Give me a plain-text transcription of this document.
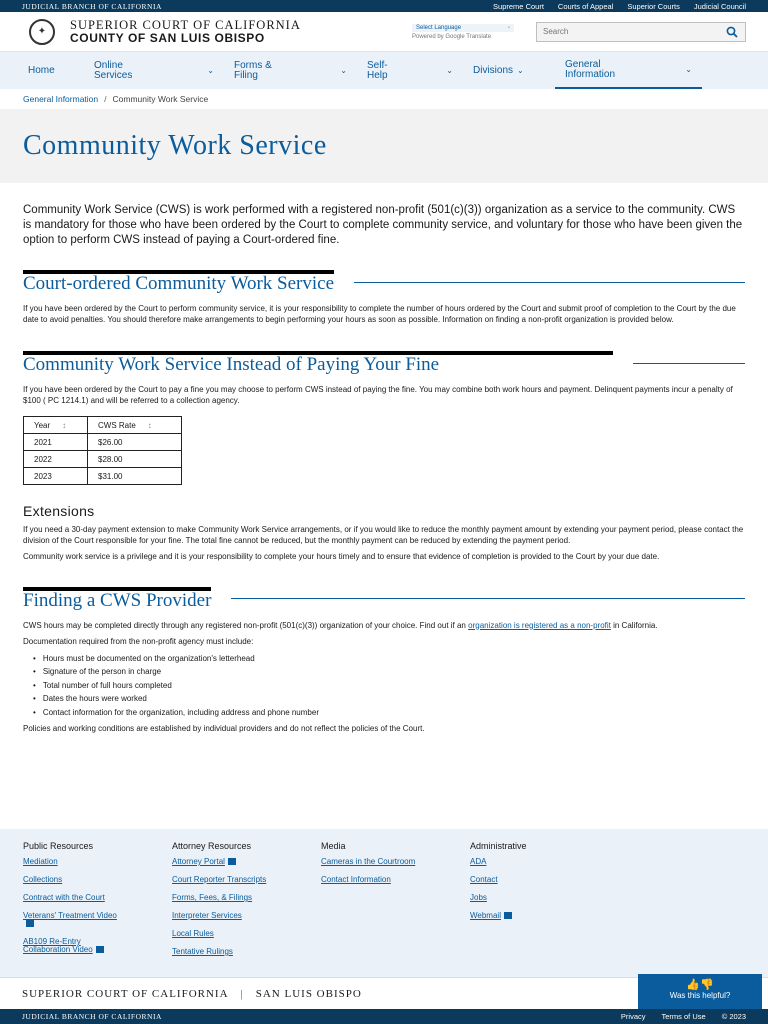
JUDICIAL BRANCH OF CALIFORNIA	Supreme Court Courts of Appeal Superior Courts Judicial Council
✦	SUPERIOR COURT OF CALIFORNIA
COUNTY OF SAN LUIS OBISPO
Select Language	◦
Powered by Google Translate
Search
Home	Online Services	⌄ Forms & Filing	⌄ Self-Help	⌄ Divisions ⌄
General Information	⌄
General Information / Community Work Service
Community Work Service

Community Work Service (CWS) is work performed with a registered non-profit (501(c)(3)) organization as a service to the community. CWS is mandatory for those who have been ordered by the Court to complete community service, and voluntary for those who have been given the option to perform CWS instead of paying a Court-ordered fine.

Court-ordered Community Work Service

If you have been ordered by the Court to perform community service, it is your responsibility to complete the number of hours ordered by the Court and submit proof of completion to the Court by the due date to avoid penalties. You should therefore make arrangements to begin performing your hours as soon as possible. Information on finding a non-profit organization is provided below.

Community Work Service Instead of Paying Your Fine

If you have been ordered by the Court to pay a fine you may choose to perform CWS instead of paying the fine. You may combine both work hours and payment. Delinquent payments incur a penalty of $100 ( PC 1214.1) and will be referred to a collection agency.

Year ↕	CWS Rate ↕
2021	$26.00
2022	$28.00
2023	$31.00
Extensions

If you need a 30-day payment extension to make Community Work Service arrangements, or if you would like to reduce the monthly payment amount by extending your payment period, please contact the division of the Court responsible for your fine. The total fine cannot be reduced, but the monthly payment can be reduced by extending the payment period.

Community work service is a privilege and it is your responsibility to complete your hours timely and to ensure that evidence of completion is provided to the Court by your due date.

Finding a CWS Provider

CWS hours may be completed directly through any registered non-profit (501(c)(3)) organization of your choice. Find out if an organization is registered as a non-profit in California.

Documentation required from the non-profit agency must include:

• Hours must be documented on the organization's letterhead
• Signature of the person in charge
• Total number of full hours completed
• Dates the hours were worked
• Contact information for the organization, including address and phone number

Policies and working conditions are established by individual providers and do not reflect the policies of the Court.

Public Resources
Mediation
Collections
Contract with the Court
Veterans' Treatment Video
AB109 Re-Entry Collaboration Video
Attorney Resources
Attorney Portal
Court Reporter Transcripts
Forms, Fees, & Filings
Interpreter Services
Local Rules
Tentative Rulings
Media
Cameras in the Courtroom
Contact Information
Administrative
ADA
Contact
Jobs
Webmail
SUPERIOR COURT OF CALIFORNIA | SAN LUIS OBISPO
👍👎
Was this helpful?
JUDICIAL BRANCH OF CALIFORNIA	Privacy Terms of Use © 2023
